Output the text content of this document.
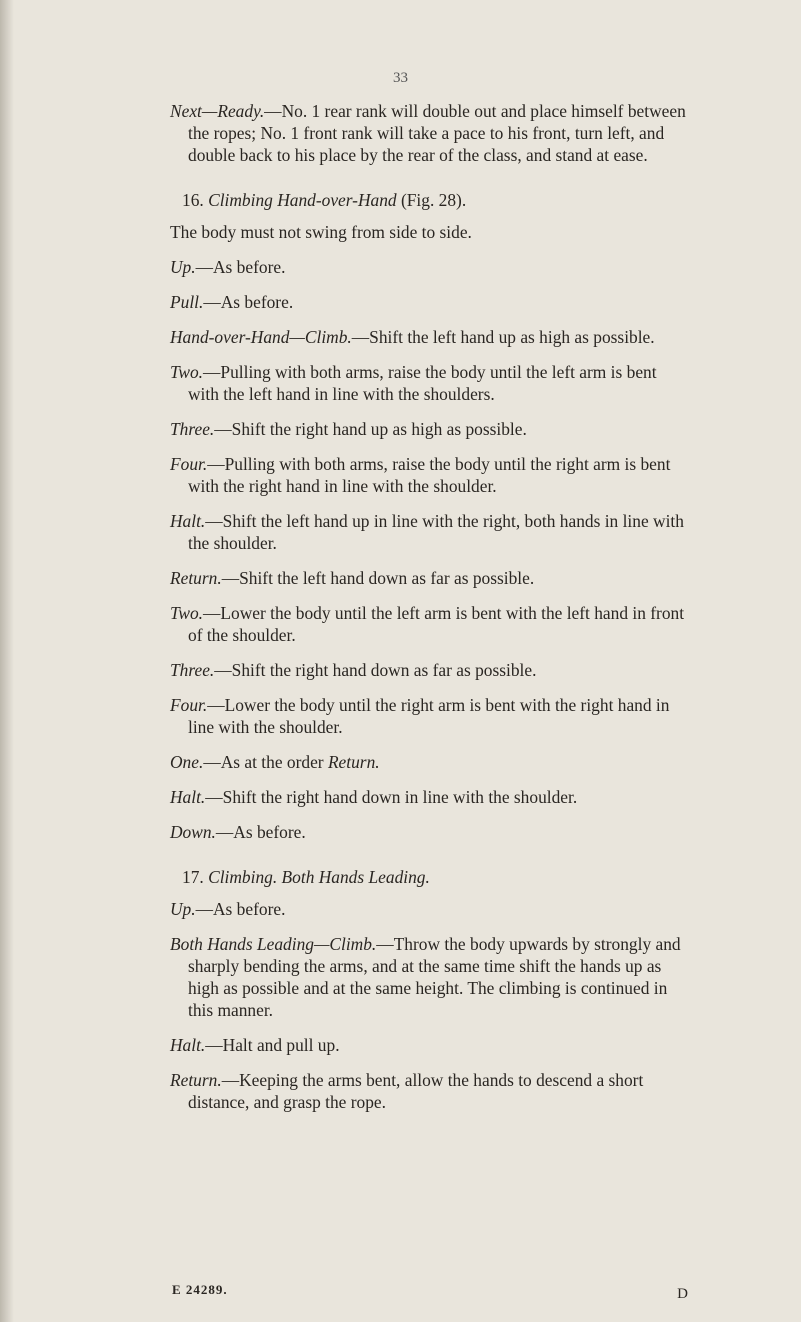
33
Next—Ready.—No. 1 rear rank will double out and place himself between the ropes; No. 1 front rank will take a pace to his front, turn left, and double back to his place by the rear of the class, and stand at ease.
16. Climbing Hand-over-Hand (Fig. 28).
The body must not swing from side to side.
Up.—As before.
Pull.—As before.
Hand-over-Hand—Climb.—Shift the left hand up as high as possible.
Two.—Pulling with both arms, raise the body until the left arm is bent with the left hand in line with the shoulders.
Three.—Shift the right hand up as high as possible.
Four.—Pulling with both arms, raise the body until the right arm is bent with the right hand in line with the shoulder.
Halt.—Shift the left hand up in line with the right, both hands in line with the shoulder.
Return.—Shift the left hand down as far as possible.
Two.—Lower the body until the left arm is bent with the left hand in front of the shoulder.
Three.—Shift the right hand down as far as possible.
Four.—Lower the body until the right arm is bent with the right hand in line with the shoulder.
One.—As at the order Return.
Halt.—Shift the right hand down in line with the shoulder.
Down.—As before.
17. Climbing. Both Hands Leading.
Up.—As before.
Both Hands Leading—Climb.—Throw the body upwards by strongly and sharply bending the arms, and at the same time shift the hands up as high as possible and at the same height. The climbing is continued in this manner.
Halt.—Halt and pull up.
Return.—Keeping the arms bent, allow the hands to descend a short distance, and grasp the rope.
E 24289.	D
